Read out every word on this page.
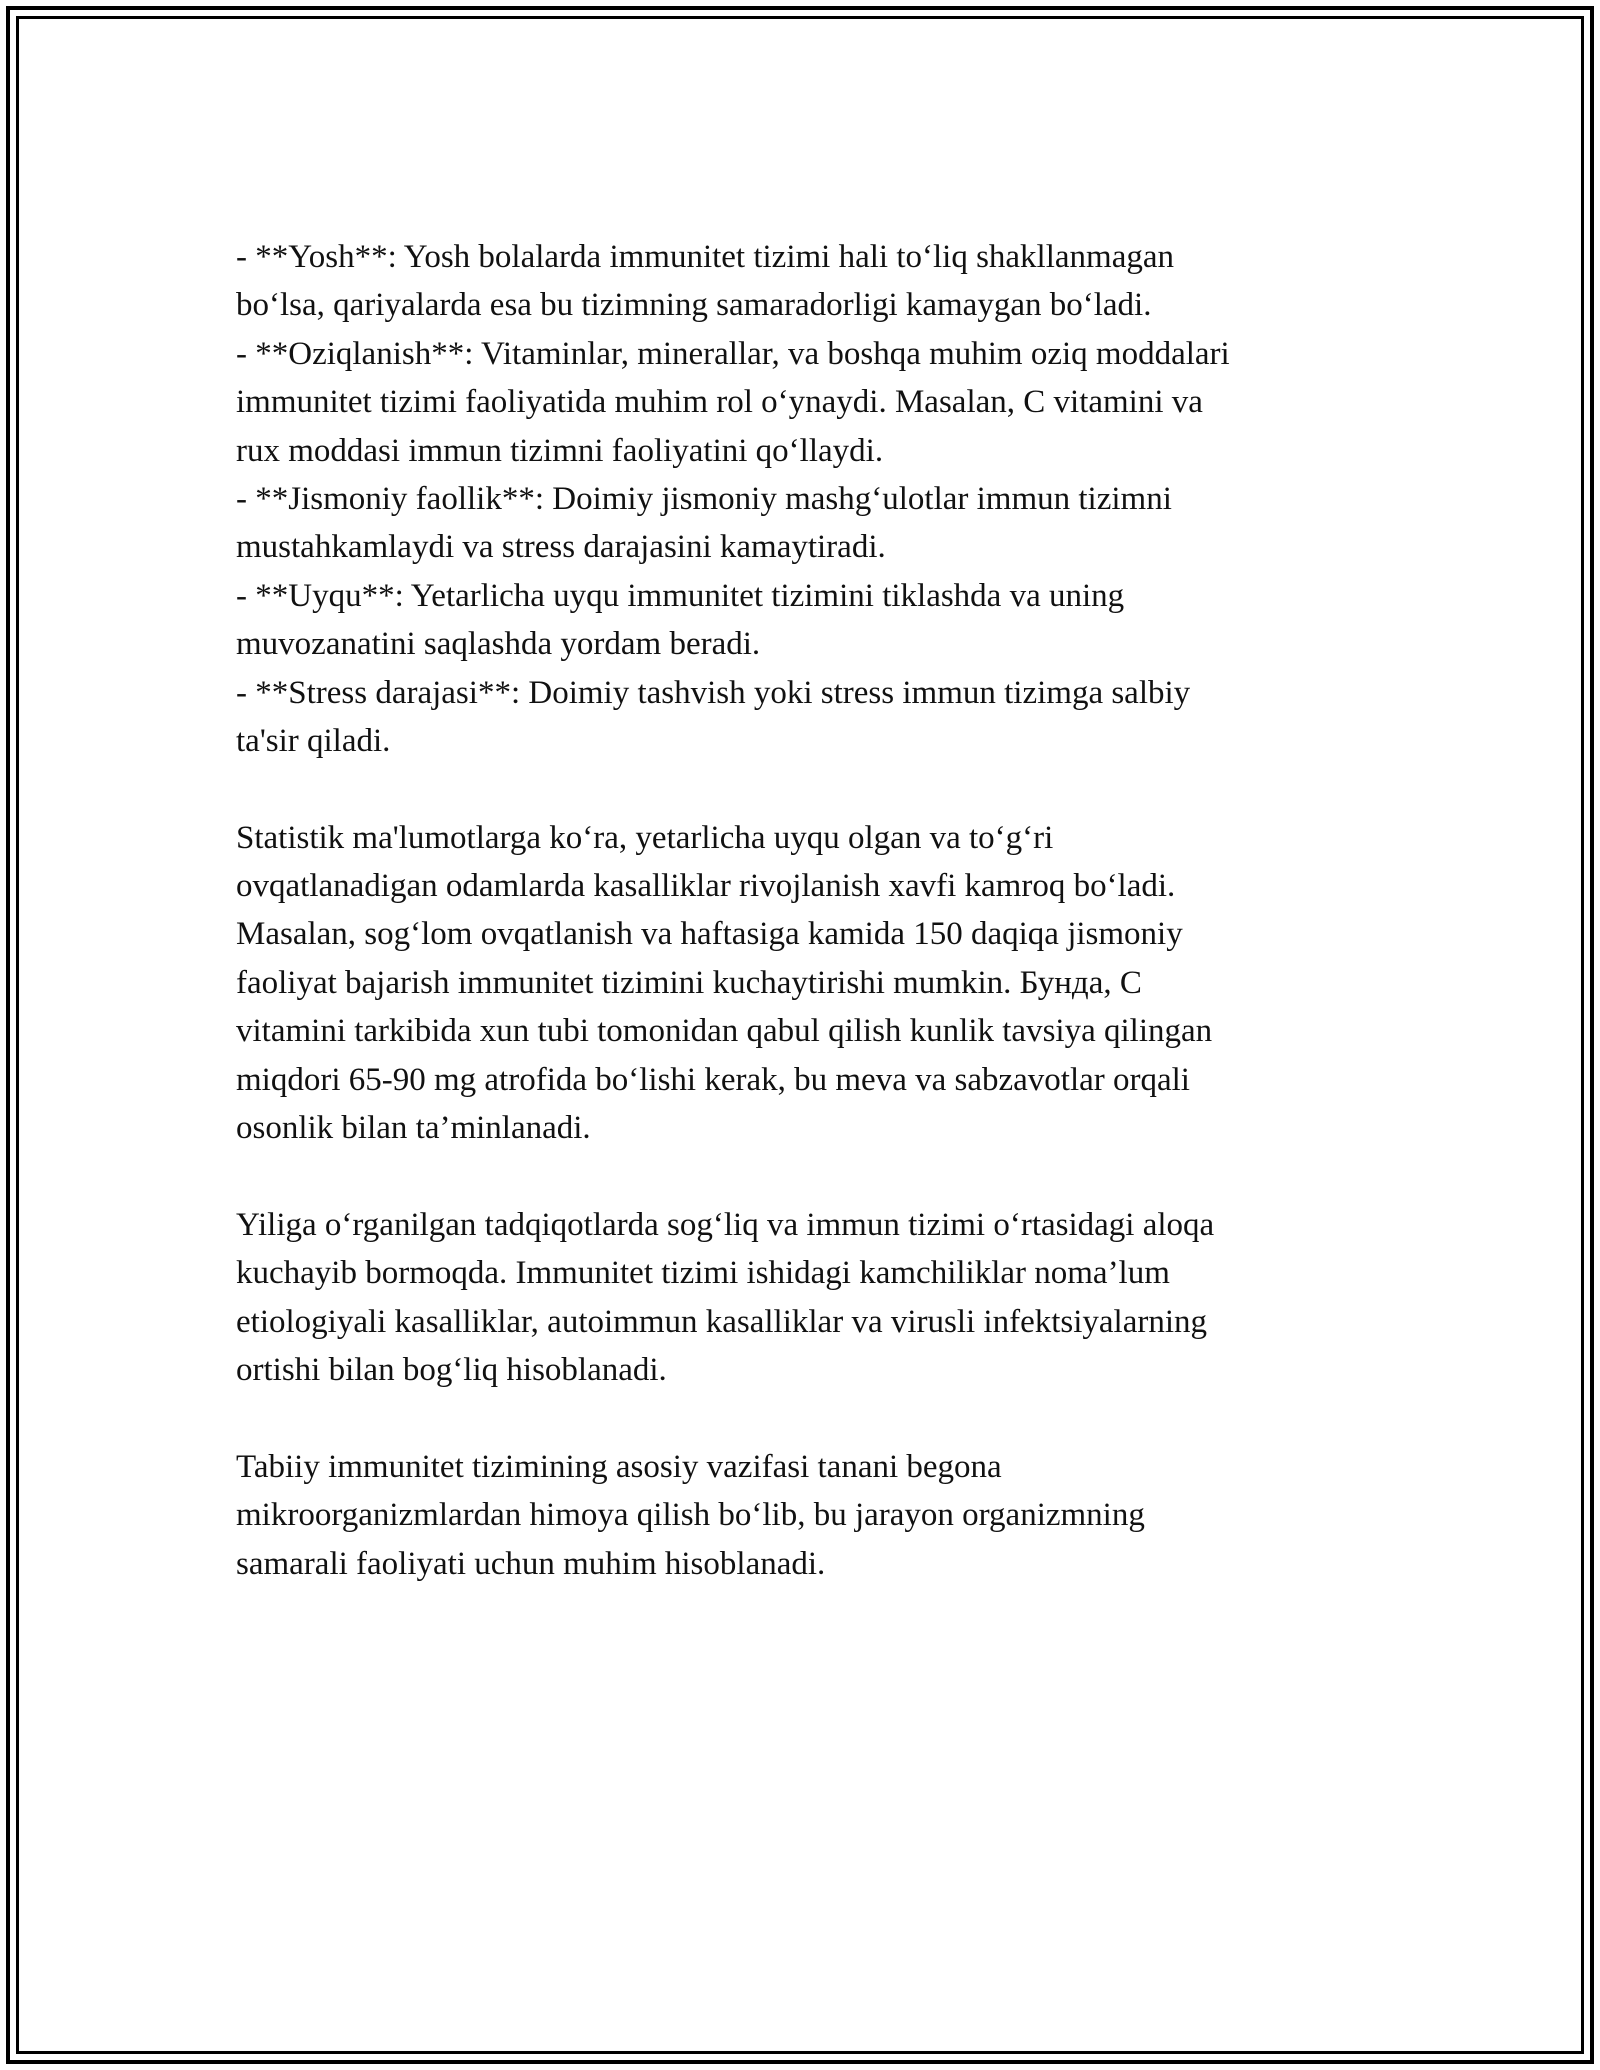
- **Yosh**: Yosh bolalarda immunitet tizimi hali to‘liq shakllanmagan
bo‘lsa, qariyalarda esa bu tizimning samaradorligi kamaygan bo‘ladi.
- **Oziqlanish**: Vitaminlar, minerallar, va boshqa muhim oziq moddalari
immunitet tizimi faoliyatida muhim rol o‘ynaydi. Masalan, C vitamini va
rux moddasi immun tizimni faoliyatini qo‘llaydi.
- **Jismoniy faollik**: Doimiy jismoniy mashg‘ulotlar immun tizimni
mustahkamlaydi va stress darajasini kamaytiradi.
- **Uyqu**: Yetarlicha uyqu immunitet tizimini tiklashda va uning
muvozanatini saqlashda yordam beradi.
- **Stress darajasi**: Doimiy tashvish yoki stress immun tizimga salbiy
ta'sir qiladi.
Statistik ma'lumotlarga ko‘ra, yetarlicha uyqu olgan va to‘g‘ri
ovqatlanadigan odamlarda kasalliklar rivojlanish xavfi kamroq bo‘ladi.
Masalan, sog‘lom ovqatlanish va haftasiga kamida 150 daqiqa jismoniy
faoliyat bajarish immunitet tizimini kuchaytirishi mumkin. Бунда, C
vitamini tarkibida xun tubi tomonidan qabul qilish kunlik tavsiya qilingan
miqdori 65-90 mg atrofida bo‘lishi kerak, bu meva va sabzavotlar orqali
osonlik bilan ta’minlanadi.
Yiliga o‘rganilgan tadqiqotlarda sog‘liq va immun tizimi o‘rtasidagi aloqa
kuchayib bormoqda. Immunitet tizimi ishidagi kamchiliklar noma’lum
etiologiyali kasalliklar, autoimmun kasalliklar va virusli infektsiyalarning
ortishi bilan bog‘liq hisoblanadi.
Tabiiy immunitet tizimining asosiy vazifasi tanani begona
mikroorganizmlardan himoya qilish bo‘lib, bu jarayon organizmning
samarali faoliyati uchun muhim hisoblanadi.
